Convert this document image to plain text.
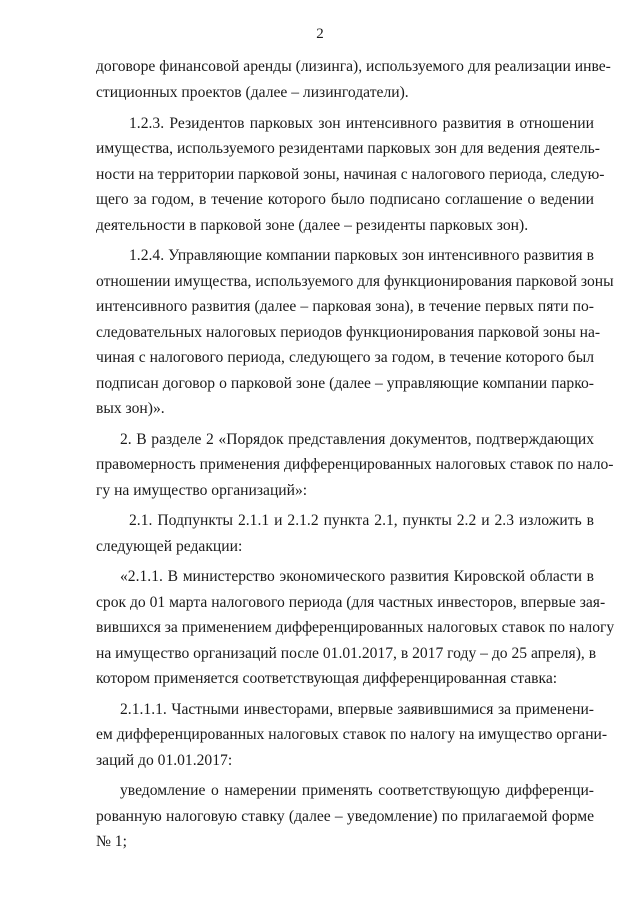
2
договоре финансовой аренды (лизинга), используемого для реализации инве-
стиционных проектов (далее – лизингодатели).
1.2.3. Резидентов парковых зон интенсивного развития в отношении
имущества, используемого резидентами парковых зон для ведения деятель-
ности на территории парковой зоны, начиная с налогового периода, следую-
щего за годом, в течение которого было подписано соглашение о ведении
деятельности в парковой зоне (далее – резиденты парковых зон).
1.2.4. Управляющие компании парковых зон интенсивного развития в
отношении имущества, используемого для функционирования парковой зоны
интенсивного развития (далее – парковая зона), в течение первых пяти по-
следовательных налоговых периодов функционирования парковой зоны на-
чиная с налогового периода, следующего за годом, в течение которого был
подписан договор о парковой зоне (далее – управляющие компании парко-
вых зон)».
2. В разделе 2 «Порядок представления документов, подтверждающих
правомерность применения дифференцированных налоговых ставок по нало-
гу на имущество организаций»:
2.1. Подпункты 2.1.1 и 2.1.2 пункта 2.1, пункты 2.2 и 2.3 изложить в
следующей редакции:
«2.1.1. В министерство экономического развития Кировской области в
срок до 01 марта налогового периода (для частных инвесторов, впервые зая-
вившихся за применением дифференцированных налоговых ставок по налогу
на имущество организаций после 01.01.2017, в 2017 году – до 25 апреля), в
котором применяется соответствующая дифференцированная ставка:
2.1.1.1. Частными инвесторами, впервые заявившимися за применени-
ем дифференцированных налоговых ставок по налогу на имущество органи-
заций до 01.01.2017:
уведомление о намерении применять соответствующую дифференци-
рованную налоговую ставку (далее – уведомление) по прилагаемой форме
№ 1;
